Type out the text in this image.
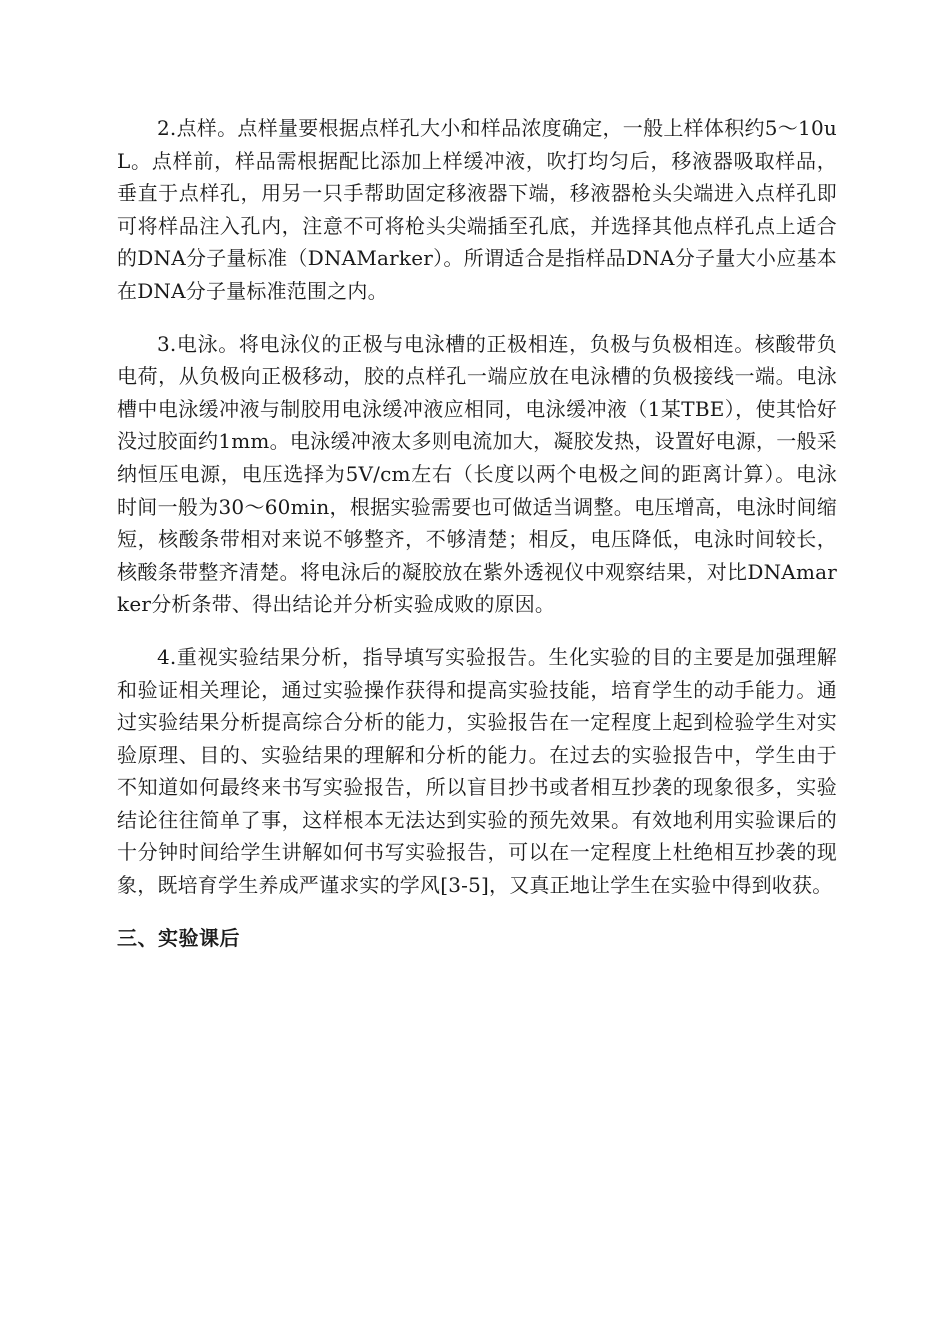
2.点样。点样量要根据点样孔大小和样品浓度确定，一般上样体积约5～10uL。点样前，样品需根据配比添加上样缓冲液，吹打均匀后，移液器吸取样品，垂直于点样孔，用另一只手帮助固定移液器下端，移液器枪头尖端进入点样孔即可将样品注入孔内，注意不可将枪头尖端插至孔底，并选择其他点样孔点上适合的DNA分子量标准（DNAMarker）。所谓适合是指样品DNA分子量大小应基本在DNA分子量标准范围之内。

3.电泳。将电泳仪的正极与电泳槽的正极相连，负极与负极相连。核酸带负电荷，从负极向正极移动，胶的点样孔一端应放在电泳槽的负极接线一端。电泳槽中电泳缓冲液与制胶用电泳缓冲液应相同，电泳缓冲液（1某TBE），使其恰好没过胶面约1mm。电泳缓冲液太多则电流加大，凝胶发热，设置好电源，一般采纳恒压电源，电压选择为5V/cm左右（长度以两个电极之间的距离计算）。电泳时间一般为30～60min，根据实验需要也可做适当调整。电压增高，电泳时间缩短，核酸条带相对来说不够整齐，不够清楚；相反，电压降低，电泳时间较长，核酸条带整齐清楚。将电泳后的凝胶放在紫外透视仪中观察结果，对比DNAmarker分析条带、得出结论并分析实验成败的原因。

4.重视实验结果分析，指导填写实验报告。生化实验的目的主要是加强理解和验证相关理论，通过实验操作获得和提高实验技能，培育学生的动手能力。通过实验结果分析提高综合分析的能力，实验报告在一定程度上起到检验学生对实验原理、目的、实验结果的理解和分析的能力。在过去的实验报告中，学生由于不知道如何最终来书写实验报告，所以盲目抄书或者相互抄袭的现象很多，实验结论往往简单了事，这样根本无法达到实验的预先效果。有效地利用实验课后的十分钟时间给学生讲解如何书写实验报告，可以在一定程度上杜绝相互抄袭的现象，既培育学生养成严谨求实的学风[3-5]，又真正地让学生在实验中得到收获。

三、实验课后
